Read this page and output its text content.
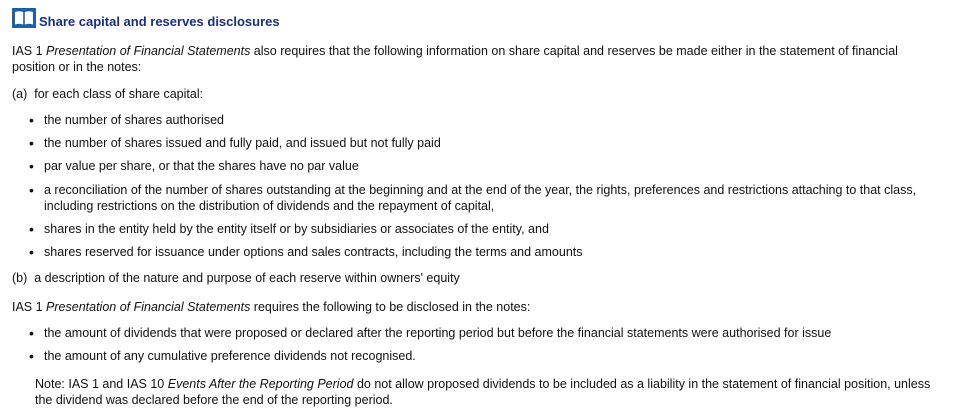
Share capital and reserves disclosures

IAS 1 Presentation of Financial Statements also requires that the following information on share capital and reserves be made either in the statement of financial position or in the notes:

(a) for each class of share capital:

• the number of shares authorised

• the number of shares issued and fully paid, and issued but not fully paid

• par value per share, or that the shares have no par value

• a reconciliation of the number of shares outstanding at the beginning and at the end of the year, the rights, preferences and restrictions attaching to that class, including restrictions on the distribution of dividends and the repayment of capital,

• shares in the entity held by the entity itself or by subsidiaries or associates of the entity, and

• shares reserved for issuance under options and sales contracts, including the terms and amounts

(b) a description of the nature and purpose of each reserve within owners' equity

IAS 1 Presentation of Financial Statements requires the following to be disclosed in the notes:

• the amount of dividends that were proposed or declared after the reporting period but before the financial statements were authorised for issue

• the amount of any cumulative preference dividends not recognised.

Note: IAS 1 and IAS 10 Events After the Reporting Period do not allow proposed dividends to be included as a liability in the statement of financial position, unless the dividend was declared before the end of the reporting period.
